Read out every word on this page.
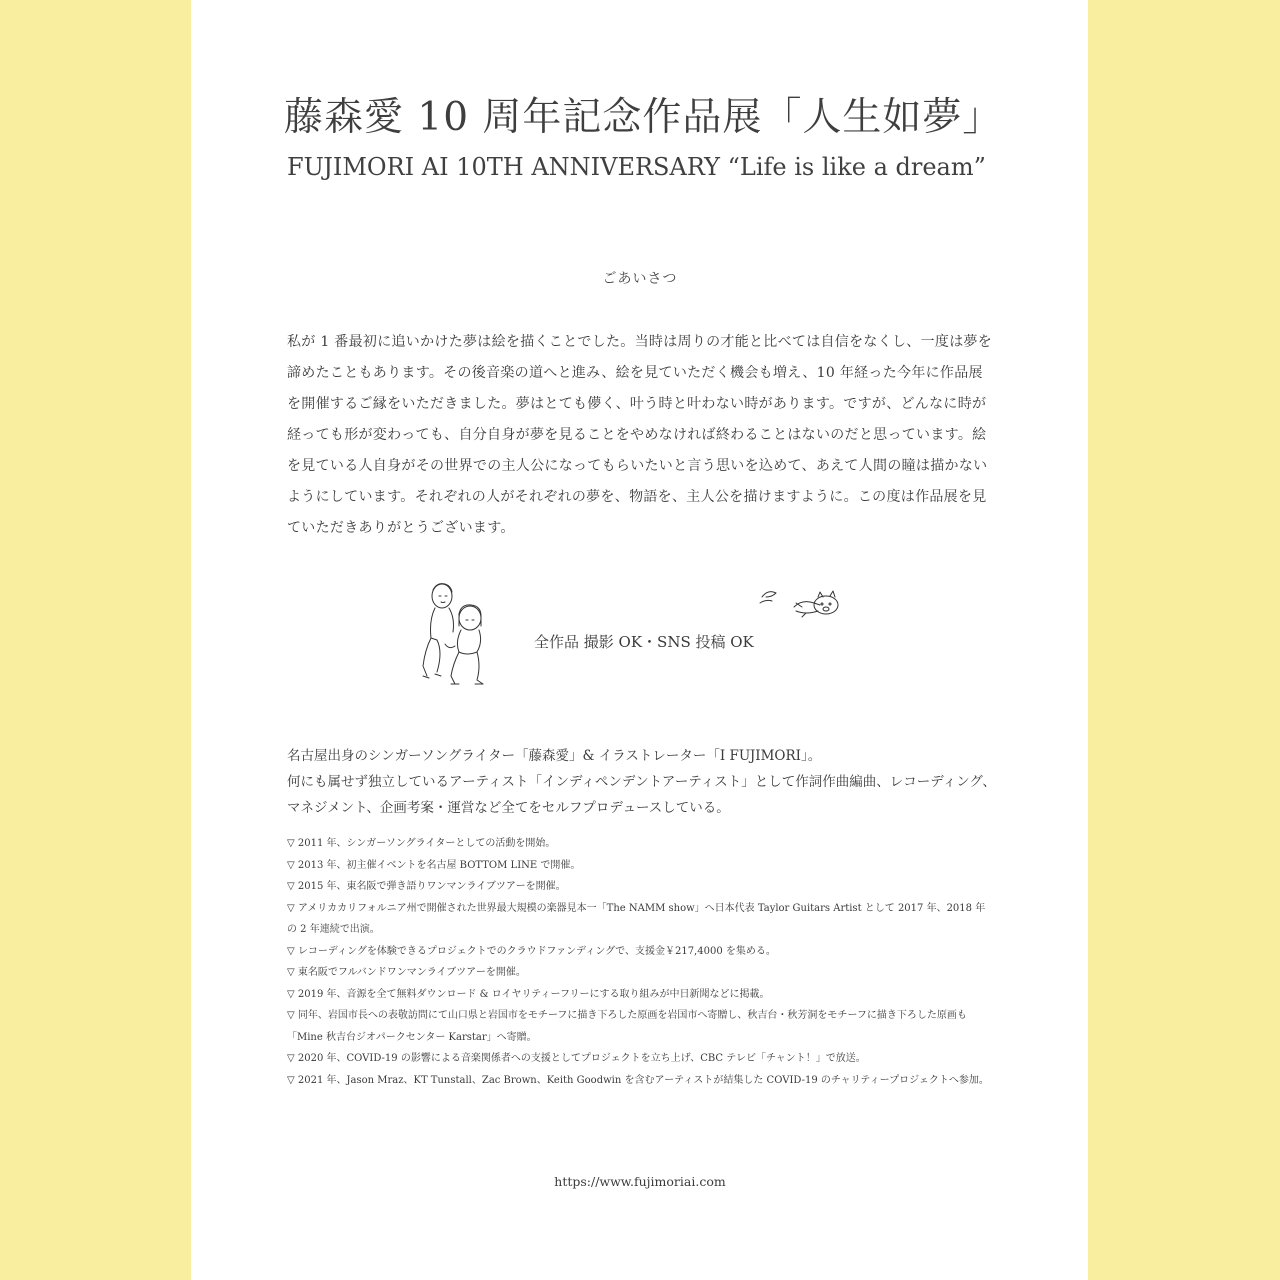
藤森愛 10 周年記念作品展「人生如夢」
FUJIMORI AI 10TH ANNIVERSARY “Life is like a dream”
ごあいさつ

私が 1 番最初に追いかけた夢は絵を描くことでした。当時は周りの才能と比べては自信をなくし、一度は夢を諦めたこともあります。その後音楽の道へと進み、絵を見ていただく機会も増え、10 年経った今年に作品展を開催するご縁をいただきました。夢はとても儚く、叶う時と叶わない時があります。ですが、どんなに時が経っても形が変わっても、自分自身が夢を見ることをやめなければ終わることはないのだと思っています。絵を見ている人自身がその世界での主人公になってもらいたいと言う思いを込めて、あえて人間の瞳は描かないようにしています。それぞれの人がそれぞれの夢を、物語を、主人公を描けますように。この度は作品展を見ていただきありがとうございます。

全作品 撮影 OK・SNS 投稿 OK
名古屋出身のシンガーソングライター「藤森愛」& イラストレーター「I FUJIMORI」。
何にも属せず独立しているアーティスト「インディペンデントアーティスト」として作詞作曲編曲、レコーディング、
マネジメント、企画考案・運営など全てをセルフプロデュースしている。
▽ 2011 年、シンガーソングライターとしての活動を開始。
▽ 2013 年、初主催イベントを名古屋 BOTTOM LINE で開催。
▽ 2015 年、東名阪で弾き語りワンマンライブツアーを開催。
▽ アメリカカリフォルニア州で開催された世界最大規模の楽器見本一「The NAMM show」へ日本代表 Taylor Guitars Artist として 2017 年、2018 年の 2 年連続で出演。
▽ レコーディングを体験できるプロジェクトでのクラウドファンディングで、支援金￥217,4000 を集める。
▽ 東名阪でフルバンドワンマンライブツアーを開催。
▽ 2019 年、音源を全て無料ダウンロード & ロイヤリティーフリーにする取り組みが中日新聞などに掲載。
▽ 同年、岩国市長への表敬訪問にて山口県と岩国市をモチーフに描き下ろした原画を岩国市へ寄贈し、秋吉台・秋芳洞をモチーフに描き下ろした原画も「Mine 秋吉台ジオパークセンター Karstar」へ寄贈。
▽ 2020 年、COVID-19 の影響による音楽関係者への支援としてプロジェクトを立ち上げ、CBC テレビ「チャント！」で放送。
▽ 2021 年、Jason Mraz、KT Tunstall、Zac Brown、Keith Goodwin を含むアーティストが結集した COVID-19 のチャリティープロジェクトへ参加。
https://www.fujimoriai.com
